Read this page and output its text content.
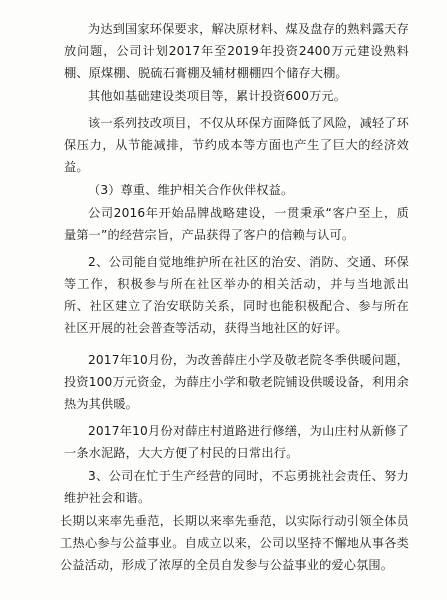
为达到国家环保要求，解决原材料、煤及盘存的熟料露天存放问题，公司计划2017年至2019年投资2400万元建设熟料棚、原煤棚、脱硫石膏棚及辅材棚棚四个储存大棚。

其他如基础建设类项目等，累计投资600万元。

该一系列技改项目，不仅从环保方面降低了风险，减轻了环保压力，从节能减排，节约成本等方面也产生了巨大的经济效益。

（3）尊重、维护相关合作伙伴权益。

公司2016年开始品牌战略建设，一贯秉承“客户至上，质量第一”的经营宗旨，产品获得了客户的信赖与认可。

2、公司能自觉地维护所在社区的治安、消防、交通、环保等工作，积极参与所在社区举办的相关活动，并与当地派出所、社区建立了治安联防关系，同时也能积极配合、参与所在社区开展的社会普查等活动，获得当地社区的好评。

2017年10月份，为改善薛庄小学及敬老院冬季供暖问题，投资100万元资金，为薛庄小学和敬老院铺设供暖设备，利用余热为其供暖。

2017年10月份对薛庄村道路进行修缮，为山庄村从新修了一条水泥路，大大方便了村民的日常出行。

3、公司在忙于生产经营的同时，不忘勇挑社会责任、努力维护社会和谐。

长期以来率先垂范，长期以来率先垂范，以实际行动引领全体员工热心参与公益事业。自成立以来，公司以坚持不懈地从事各类公益活动，形成了浓厚的全员自发参与公益事业的爱心氛围。
